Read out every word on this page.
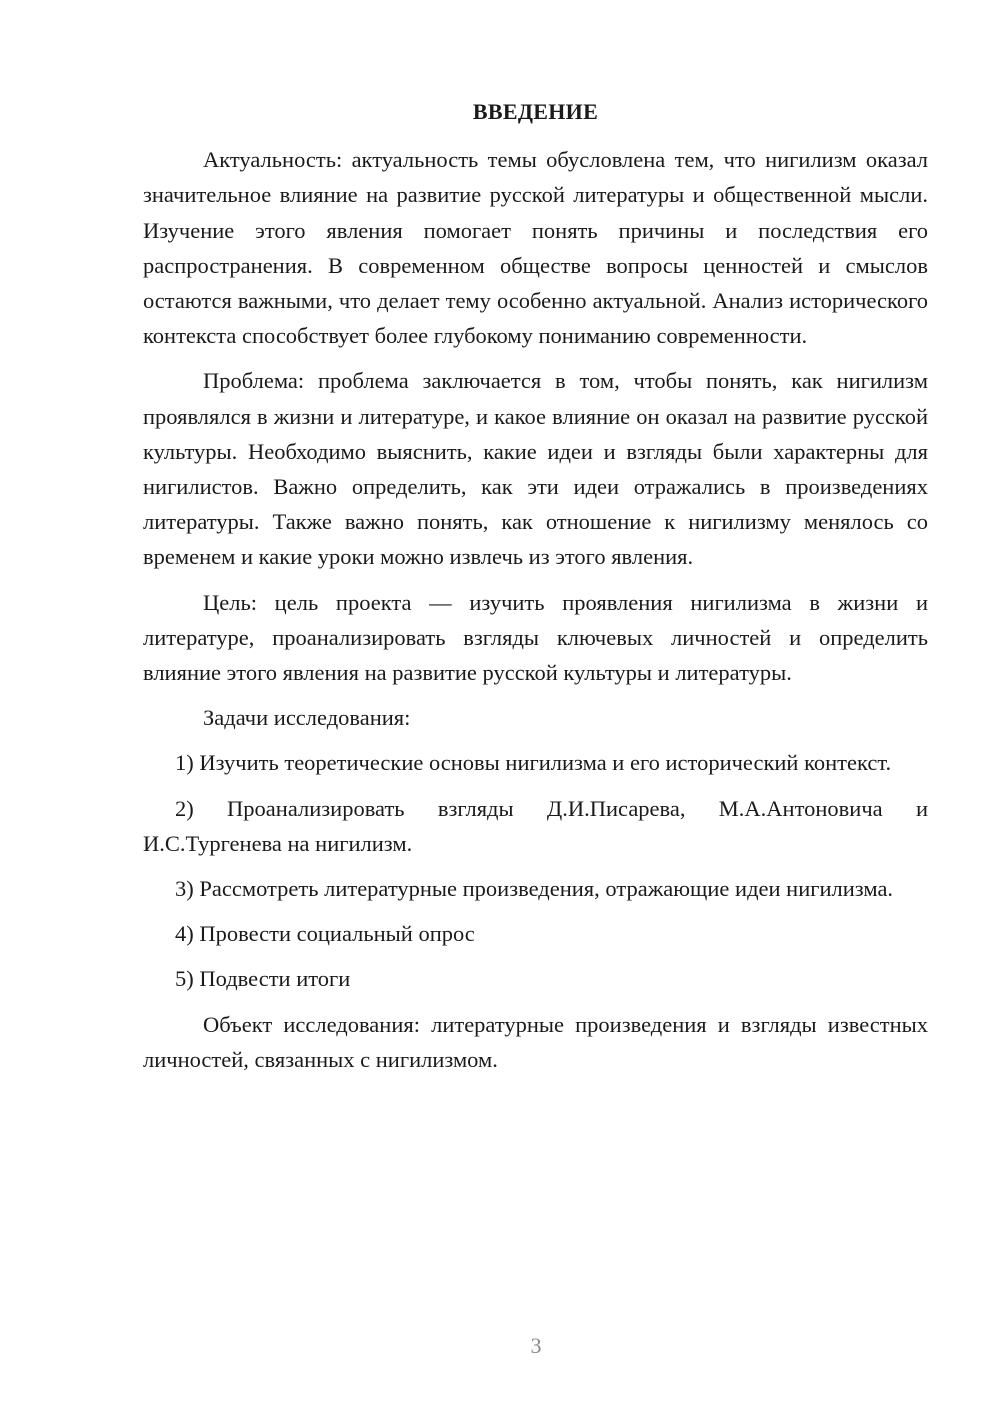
ВВЕДЕНИЕ

Актуальность: актуальность темы обусловлена тем, что нигилизм оказал значительное влияние на развитие русской литературы и общественной мысли. Изучение этого явления помогает понять причины и последствия его распространения. В современном обществе вопросы ценностей и смыслов остаются важными, что делает тему особенно актуальной. Анализ исторического контекста способствует более глубокому пониманию современности.

Проблема: проблема заключается в том, чтобы понять, как нигилизм проявлялся в жизни и литературе, и какое влияние он оказал на развитие русской культуры. Необходимо выяснить, какие идеи и взгляды были характерны для нигилистов. Важно определить, как эти идеи отражались в произведениях литературы. Также важно понять, как отношение к нигилизму менялось со временем и какие уроки можно извлечь из этого явления.

Цель: цель проекта — изучить проявления нигилизма в жизни и литературе, проанализировать взгляды ключевых личностей и определить влияние этого явления на развитие русской культуры и литературы.

Задачи исследования:

1) Изучить теоретические основы нигилизма и его исторический контекст.

2) Проанализировать взгляды Д.И.Писарева, М.А.Антоновича и И.С.Тургенева на нигилизм.

3) Рассмотреть литературные произведения, отражающие идеи нигилизма.

4) Провести социальный опрос

5) Подвести итоги

Объект исследования: литературные произведения и взгляды известных личностей, связанных с нигилизмом.

3
